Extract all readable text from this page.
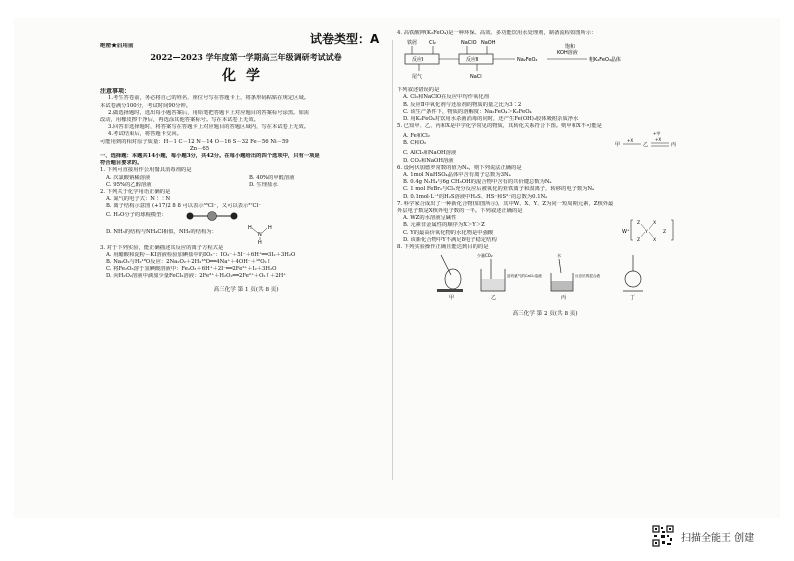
试卷类型：A
绝密★启用前
2022—2023 学年度第一学期高三年级调研考试试卷
化学
注意事项：
1.考生答卷前，务必将自己的姓名、座位号写在答题卡上，将条形码粘贴在规定区域。
本试卷满分100分，考试时间90分钟。
2.做选择题时，选出每小题答案后，用铅笔把答题卡上对应题目的答案标号涂黑。如需
改动，用橡皮擦干净后，再选涂其他答案标号。写在本试卷上无效。
3.回答非选择题时，将答案写在答题卡上对应题目的答题区域内，写在本试卷上无效。
4.考试结束后，将答题卡交回。
可能用到的相对原子质量：H－1 C－12 N－14 O－16 S－32 Fe－56 Ni－59
Zn－65
一、选择题：本题共14小题，每小题3分，共42分。在每小题给出的四个选项中，只有一项是
符合题目要求的。
1. 下列可直接用作公用餐具消毒剂的是
A. 次氯酸钠稀溶液	B. 40%的甲醛溶液
C. 95%的乙醇溶液	D. 生理盐水
2. 下列关于化学用语正确的是
A. 氮气的电子式：N⋮⋮N
B. 离子结构示意图 (+17)2 8 8 可以表示³⁵Cl⁻，又可以表示³⁷Cl⁻
C. H₂O分子的球棍模型：
D. NH₃的结构与NH₄Cl相似，NH₃的结构为：
H	H
N
H
3. 对于下列实验，能正确描述其反应的离子方程式是
A. 用醋酸和淀粉－KI溶液检验加碘盐中的IO₃⁻：IO₃⁻＋5I⁻＋6H⁺══3I₂＋3H₂O
B. Na₂O₂与H₂¹⁸O反应：2Na₂O₂＋2H₂¹⁸O══4Na⁺＋4OH⁻＋¹⁸O₂↑
C. 将Fe₂O₃溶于氢碘酸溶液中：Fe₂O₃＋6H⁺＋2I⁻══2Fe²⁺＋I₂＋3H₂O
D. 向H₂O₂溶液中滴加少量FeCl₃溶液：2Fe³⁺＋H₂O₂══2Fe²⁺＋O₂↑＋2H⁺
高三化学 第 1 页(共 8 页)
4. 高铁酸钾(K₂FeO₄)是一种环保、高效、多功能饮用水处理剂，制备流程如图所示：
铁屑 Cl₂	NaClO NaOH
反应Ⅰ	反应Ⅱ
尾气	NaCl
Na₂FeO₄
饱和
KOH溶液
粗K₂FeO₄晶体
下列叙述错误的是
A. Cl₂和NaClO在反应中均作氧化剂
B. 反应Ⅱ中氧化剂与还原剂的物质的量之比为3∶2
C. 该生产条件下，物质的溶解度：Na₂FeO₄＞K₂FeO₄
D. 用K₂FeO₄对饮用水杀菌消毒的同时，还产生Fe(OH)₃胶体吸附杂质净水
5. 已知甲、乙、丙和X是中学化学常见的物质，其转化关系符合下图。则甲和X不可能是
A. Fe和Cl₂
B. C和O₂	甲
+X
乙
+X
+甲
丙
C. AlCl₃和NaOH溶液
D. CO₂和NaOH溶液
6. 设阿伏加德罗常数的值为Nₐ，则下列说法正确的是
A. 1mol NaHSO₄晶体中含有离子总数为3Nₐ
B. 0.4g N₂H₄与6g CH₃OH的混合物中含有的共价键总数为Nₐ
C. 1 mol FeBr₂与Cl₂充分反应后被氧化的亚铁离子和溴离子，转移的电子数为Nₐ
D. 0.1mol·L⁻¹的H₂S溶液中H₂S、HS⁻和S²⁻的总数为0.1Nₐ
7. 科学家合成出了一种新化合物(如图所示)，其中W、X、Y、Z为同一短周期元素，Z核外最
外层电子数是X核外电子数的一半。下列叙述正确的是
A. WZ的水溶液呈碱性
B. 元素非金属性的顺序为X＞Y＞Z
C. Y的最高价氧化物的水化物是中强酸
D. 该新化合物中Y不满足8电子稳定结构
W⁺
Z
Z
Y
X
X
Z
8. 下列实验操作正确且能达到目的的是
甲
少量CO₂
溶有氨气的CaCl₂溶液
乙
水
反应后的混合液
丙	丁
高三化学 第 2 页(共 8 页)
扫描全能王 创建
